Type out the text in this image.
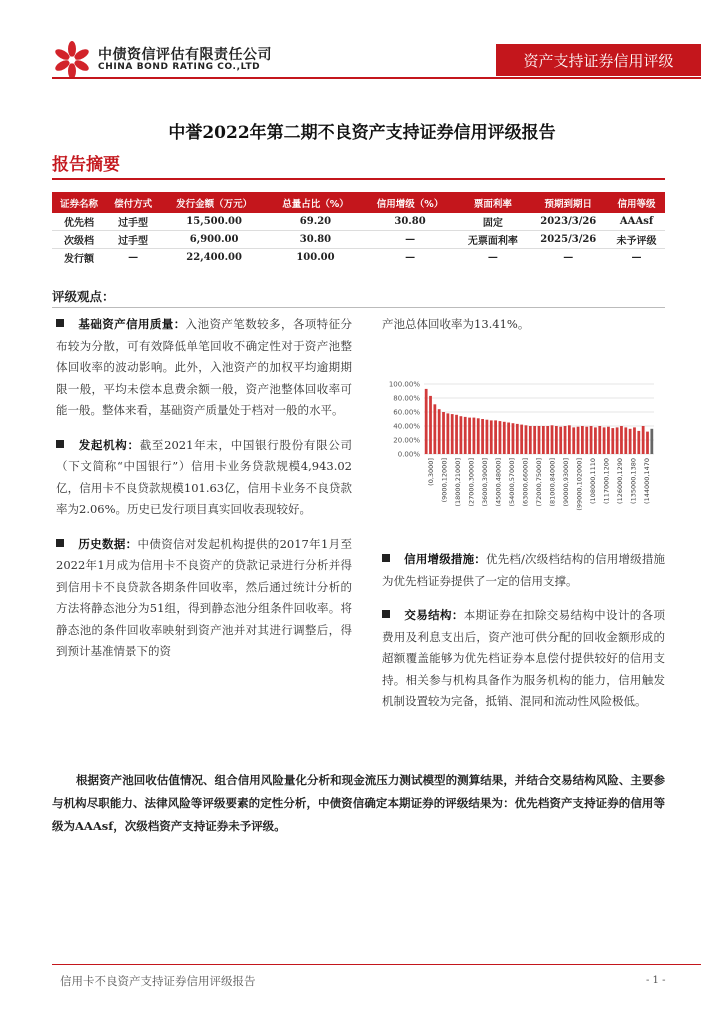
中债资信评估有限责任公司
CHINA BOND RATING CO.,LTD	资产支持证券信用评级
中誉2022年第二期不良资产支持证券信用评级报告
报告摘要
证券名称	偿付方式	发行金额（万元）	总量占比（%）	信用增级（%）	票面利率	预期到期日	信用等级
优先档	过手型	15,500.00	69.20	30.80	固定	2023/3/26	AAAsf
次级档	过手型	6,900.00	30.80	—	无票面利率	2025/3/26	未予评级
发行额	—	22,400.00	100.00	—	—	—	—
评级观点：

基础资产信用质量：入池资产笔数较多，各项特征分布较为分散，可有效降低单笔回收不确定性对于资产池整体回收率的波动影响。此外，入池资产的加权平均逾期期限一般，平均未偿本息费余额一般，资产池整体回收率可能一般。整体来看，基础资产质量处于档对一般的水平。

发起机构：截至2021年末，中国银行股份有限公司（下文简称“中国银行”）信用卡业务贷款规模4,943.02亿，信用卡不良贷款规模101.63亿，信用卡业务不良贷款率为2.06%。历史已发行项目真实回收表现较好。

历史数据：中债资信对发起机构提供的2017年1月至2022年1月成为信用卡不良资产的贷款记录进行分析并得到信用卡不良贷款各期条件回收率，然后通过统计分析的方法将静态池分为51组，得到静态池分组条件回收率。将静态池的条件回收率映射到资产池并对其进行调整后，得到预计基准情景下的资

产池总体回收率为13.41%。

100.00%
80.00%
60.00%
40.00%
20.00%
0.00%
(0,3000] (9000,12000] (18000,21000] (27000,30000] (36000,39000] (45000,48000] (54000,57000] (63000,66000] (72000,75000] (81000,84000] (90000,93000] (99000,102000] (108000,1110 (117000,1200 (126000,1290 (135000,1380 (144000,1470

信用增级措施：优先档/次级档结构的信用增级措施为优先档证券提供了一定的信用支撑。

交易结构：本期证券在扣除交易结构中设计的各项费用及利息支出后，资产池可供分配的回收金额形成的超额覆盖能够为优先档证券本息偿付提供较好的信用支持。相关参与机构具备作为服务机构的能力，信用触发机制设置较为完备，抵销、混同和流动性风险极低。

根据资产池回收估值情况、组合信用风险量化分析和现金流压力测试模型的测算结果，并结合交易结构风险、主要参与机构尽职能力、法律风险等评级要素的定性分析，中债资信确定本期证券的评级结果为：优先档资产支持证券的信用等级为AAAsf，次级档资产支持证券未予评级。
信用卡不良资产支持证券信用评级报告	- 1 -
